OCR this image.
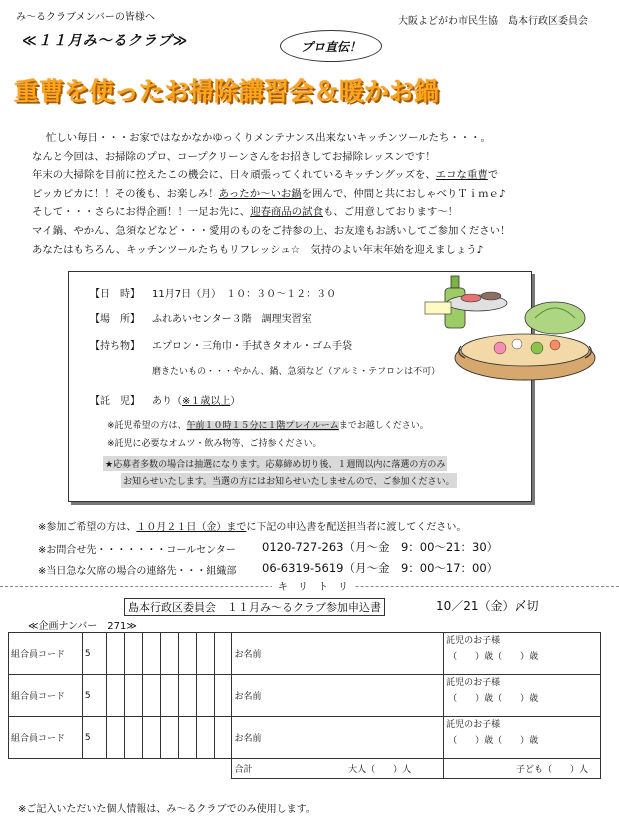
み〜るクラブメンバーの皆様へ	大阪よどがわ市民生協　島本行政区委員会
≪１１月み〜るクラブ≫	プロ直伝！
重曹を使ったお掃除講習会＆暖かお鍋
忙しい毎日・・・お家ではなかなかゆっくりメンテナンス出来ないキッチンツールたち・・・。
なんと今回は、お掃除のプロ、コープクリーンさんをお招きしてお掃除レッスンです！
年末の大掃除を目前に控えたこの機会に、日々頑張ってくれているキッチングッズを、エコな重曹で
ピッカピカに！！その後も、お楽しみ！あったか〜いお鍋を囲んで、仲間と共におしゃべりＴｉｍｅ♪
そして・・・さらにお得企画！！一足お先に、迎春商品の試食も、ご用意しております〜！
マイ鍋、やかん、急須などなど・・・愛用のものをご持参の上、お友達もお誘いしてご参加ください！
あなたはもちろん、キッチンツールたちもリフレッシュ☆　気持のよい年末年始を迎えましょう♪
【日　時】 11月7日（月）　１０：３０〜１２：３０
【場　所】 ふれあいセンター３階　調理実習室
【持ち物】 エプロン・三角巾・手拭きタオル・ゴム手袋
磨きたいもの・・・やかん、鍋、急須など（アルミ・テフロンは不可）
【託　児】 あり（※１歳以上）
※託児希望の方は、午前１０時１５分に１階プレイルームまでお越しください。
※託児に必要なオムツ・飲み物等、ご持参ください。
★応募者多数の場合は抽選になります。応募締め切り後、１週間以内に落選の方のみ
お知らせいたします。当選の方にはお知らせいたしませんので、ご参加ください。
※参加ご希望の方は、１０月２１日（金）までに下記の申込書を配送担当者に渡してください。
※お問合せ先・・・・・・・コールセンター 0120-727-263（月〜金　9：00〜21：30）
※当日急な欠席の場合の連絡先・・・組織部 06-6319-5619（月〜金　9：00〜17：00）
キ　リ　ト　リ
島本行政区委員会　１１月み〜るクラブ参加申込書	10／21（金）〆切
≪企画ナンバー　271≫
組合員コード	5								お名前	託児のお子様
（　　）歳（　　）歳

組合員コード	5								お名前	託児のお子様
（　　）歳（　　）歳

組合員コード	5								お名前	託児のお子様
（　　）歳（　　）歳

									合計 大人（　　）人	子ども（　　）人
※ご記入いただいた個人情報は、み〜るクラブでのみ使用します。
